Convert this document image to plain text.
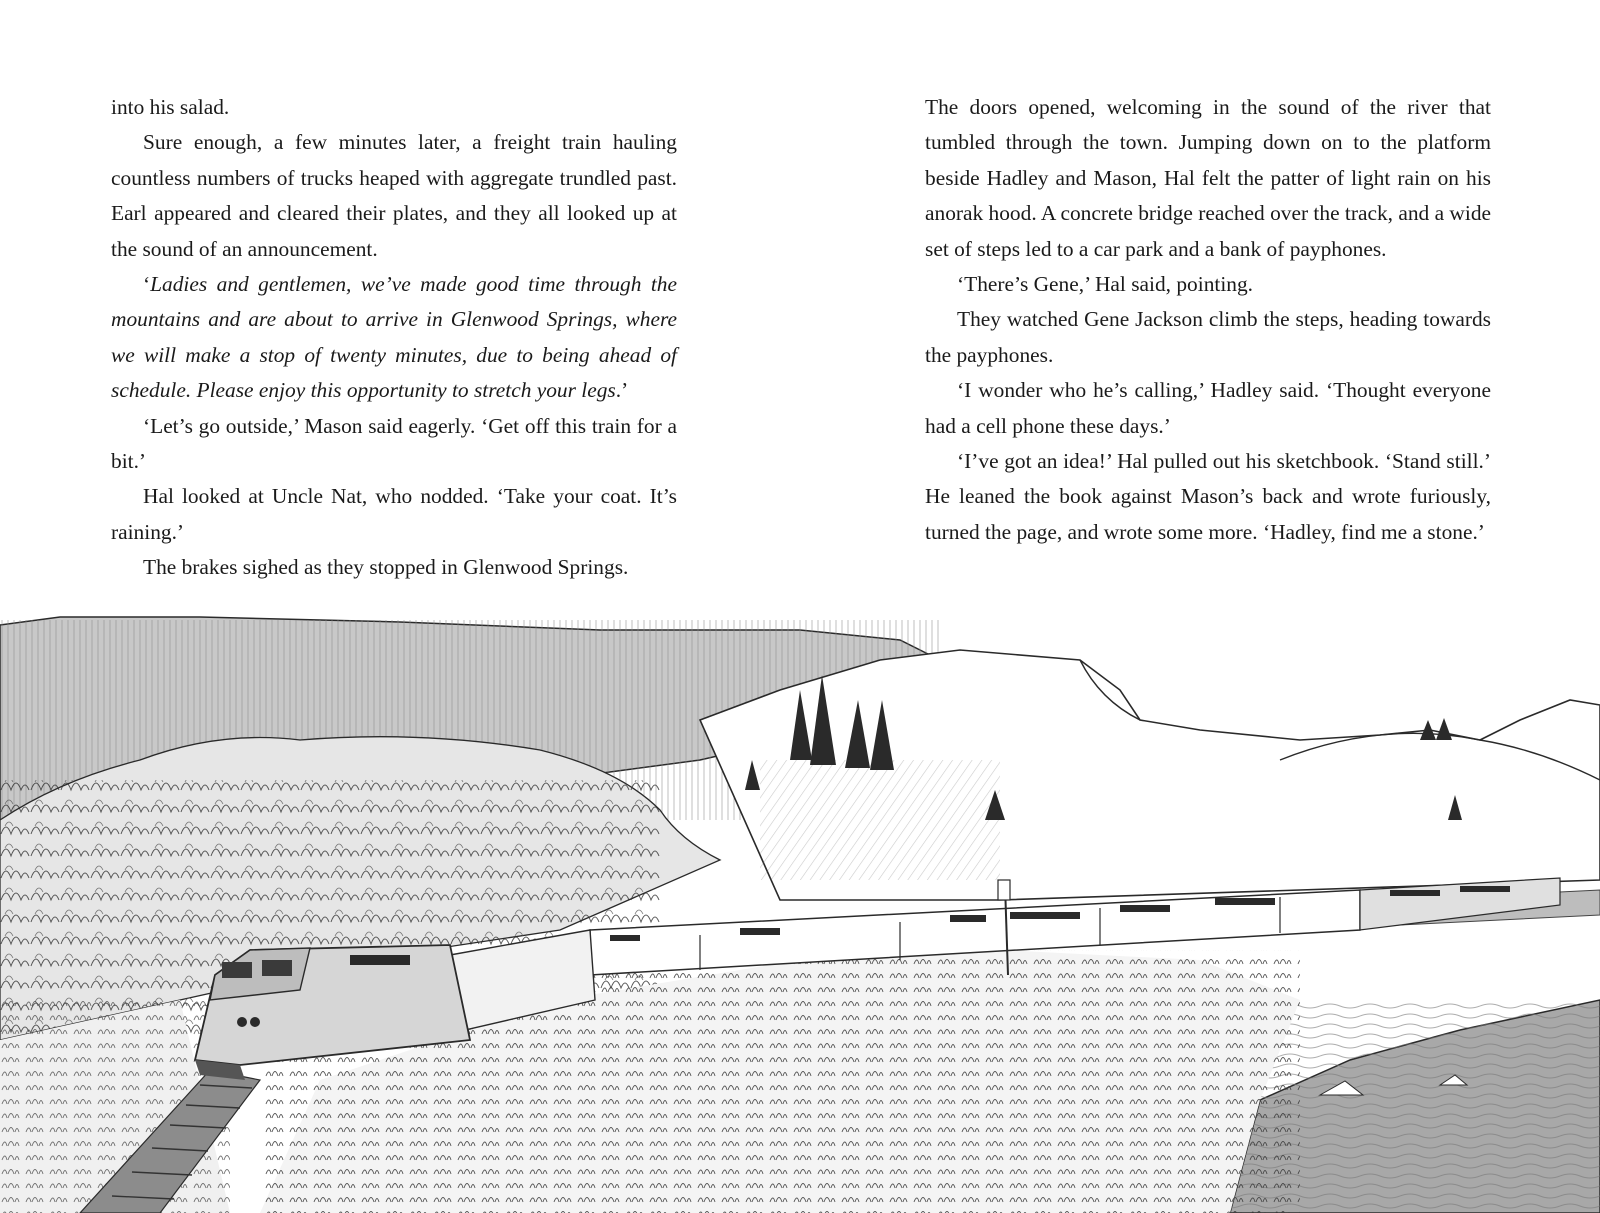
into his salad.

Sure enough, a few minutes later, a freight train hauling countless numbers of trucks heaped with aggregate trundled past. Earl appeared and cleared their plates, and they all looked up at the sound of an announcement.

‘Ladies and gentlemen, we’ve made good time through the mountains and are about to arrive in Glenwood Springs, where we will make a stop of twenty minutes, due to being ahead of schedule. Please enjoy this opportunity to stretch your legs.’

‘Let’s go outside,’ Mason said eagerly. ‘Get off this train for a bit.’

Hal looked at Uncle Nat, who nodded. ‘Take your coat. It’s raining.’

The brakes sighed as they stopped in Glenwood Springs.

The doors opened, welcoming in the sound of the river that tumbled through the town. Jumping down on to the platform beside Hadley and Mason, Hal felt the patter of light rain on his anorak hood. A concrete bridge reached over the track, and a wide set of steps led to a car park and a bank of payphones.

‘There’s Gene,’ Hal said, pointing.

They watched Gene Jackson climb the steps, heading towards the payphones.

‘I wonder who he’s calling,’ Hadley said. ‘Thought everyone had a cell phone these days.’

‘I’ve got an idea!’ Hal pulled out his sketchbook. ‘Stand still.’ He leaned the book against Mason’s back and wrote furiously, turned the page, and wrote some more. ‘Hadley, find me a stone.’
